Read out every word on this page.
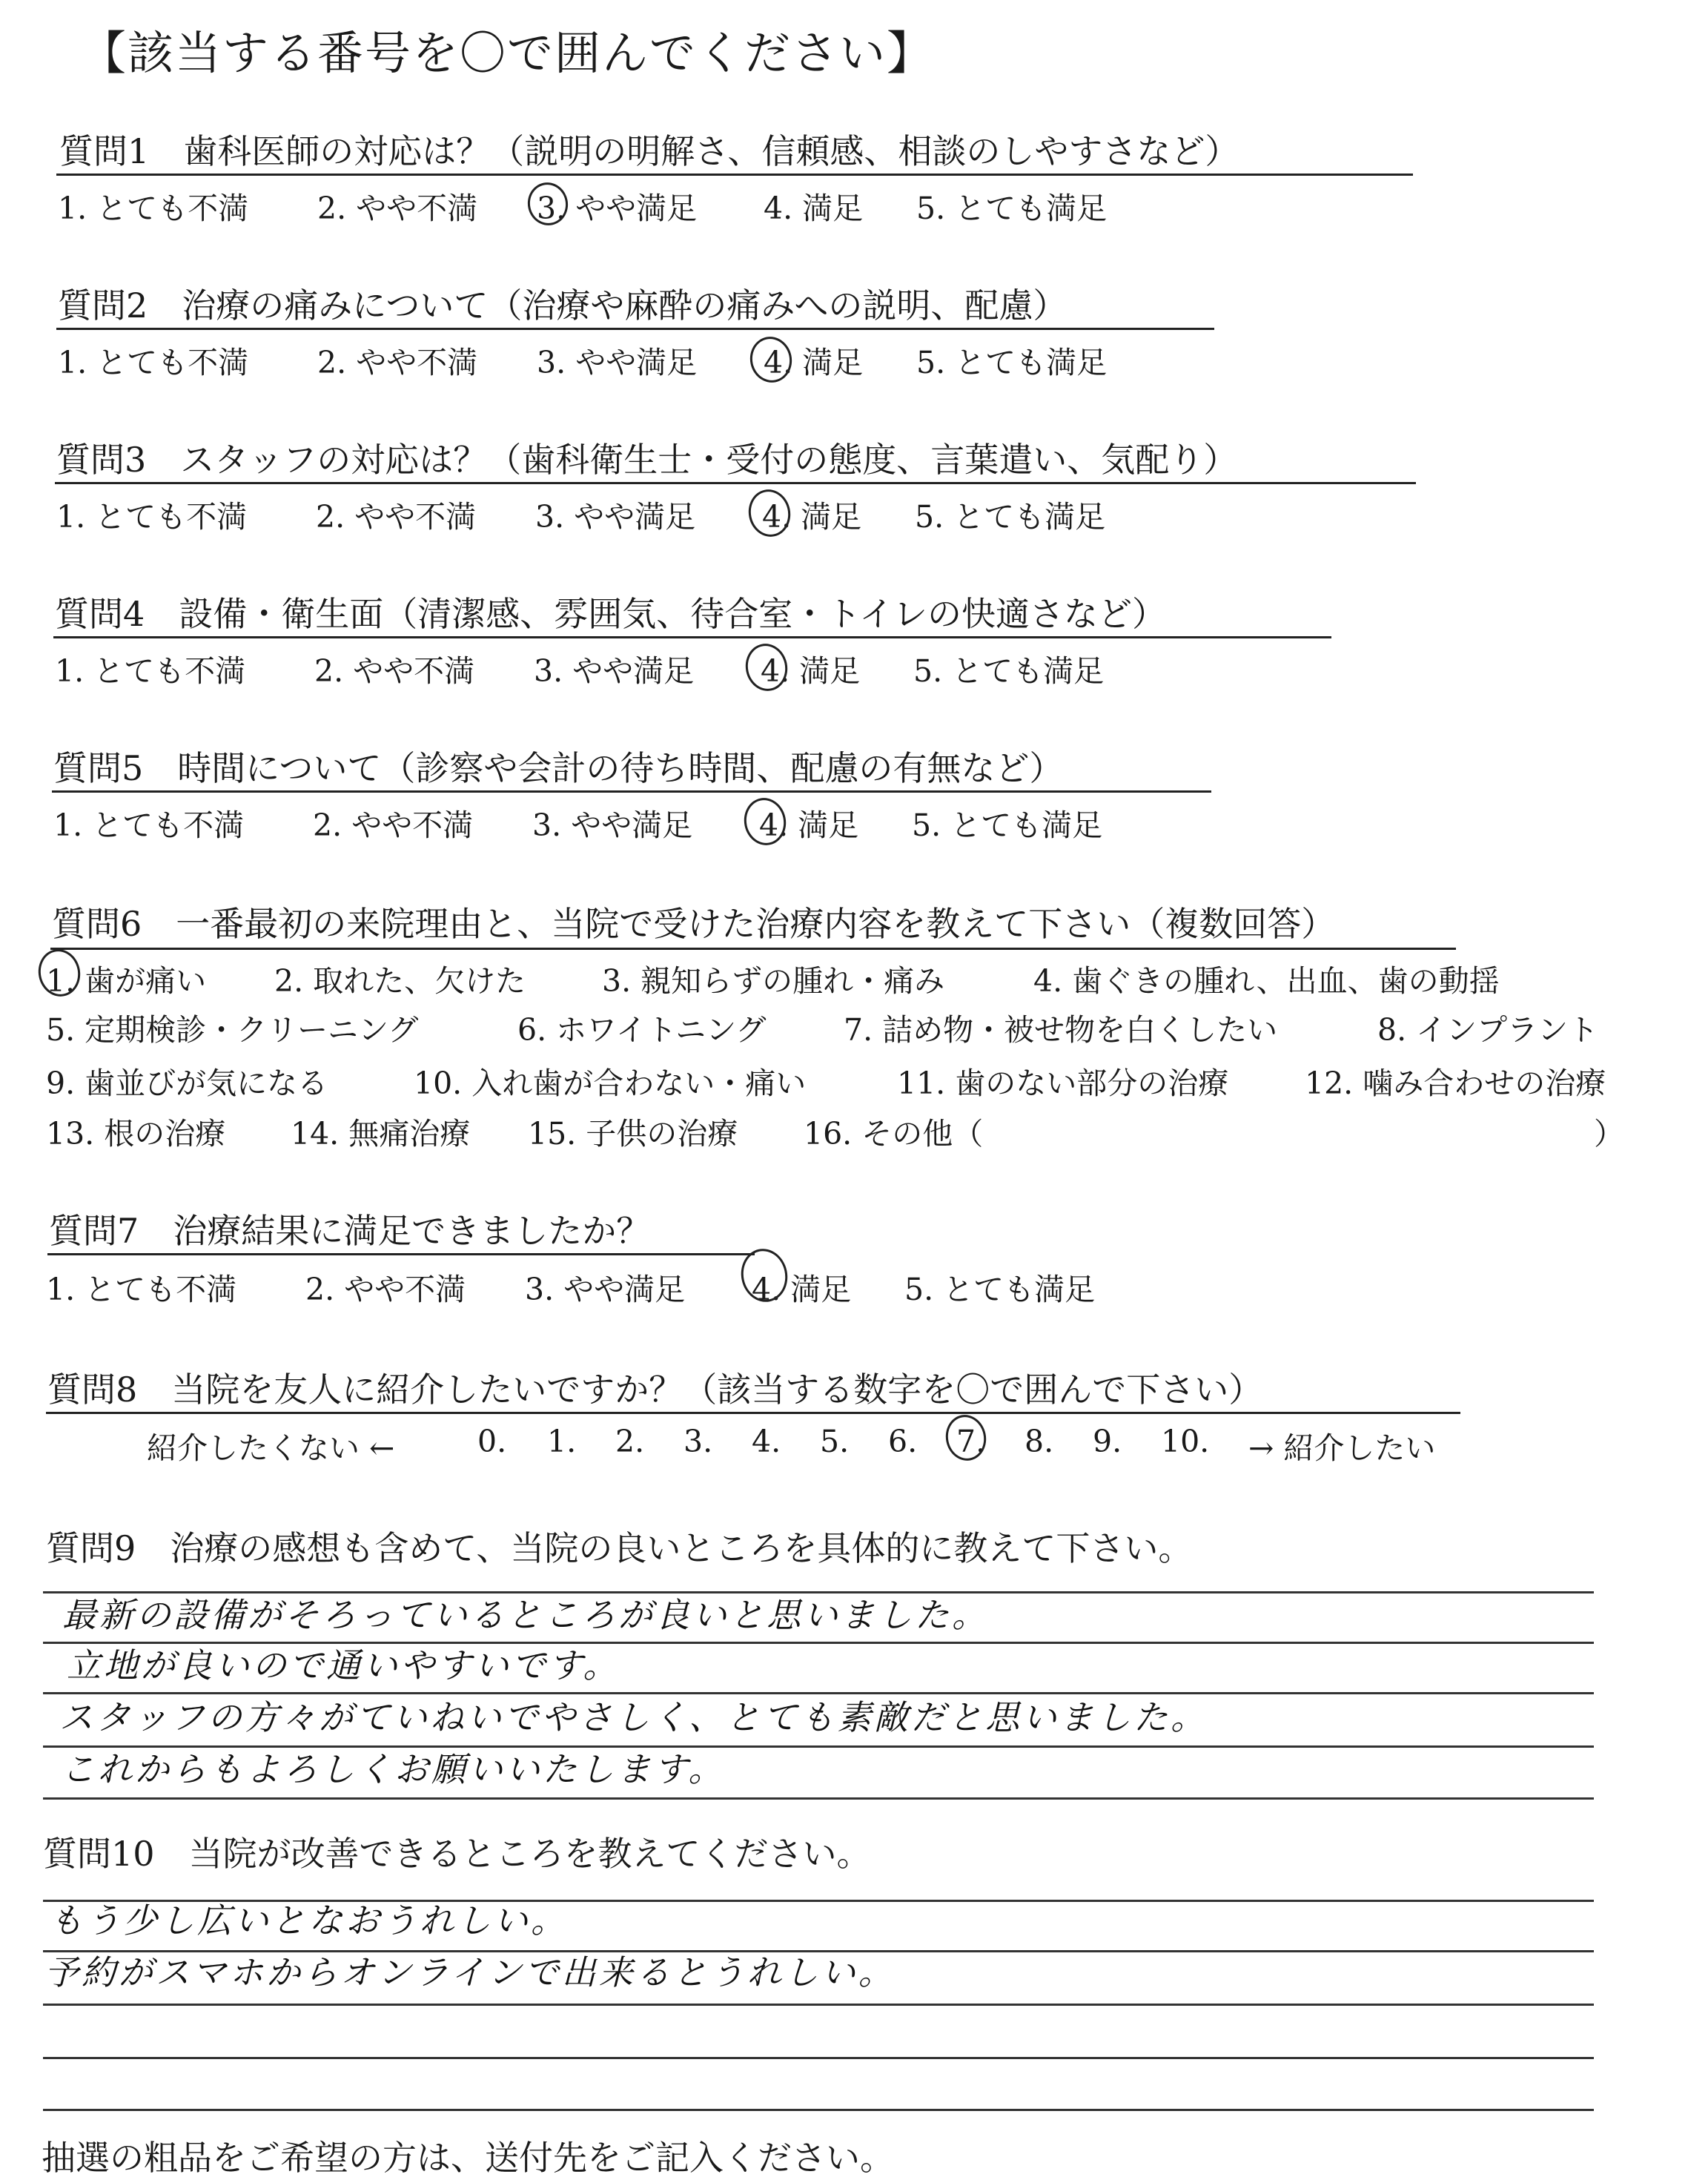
【該当する番号を〇で囲んでください】
質問1　歯科医師の対応は？（説明の明解さ、信頼感、相談のしやすさなど）
1. とても不満 2. やや不満 3. やや満足 4. 満足 5. とても満足
質問2　治療の痛みについて（治療や麻酔の痛みへの説明、配慮）
1. とても不満 2. やや不満 3. やや満足 4. 満足 5. とても満足
質問3　スタッフの対応は？（歯科衛生士・受付の態度、言葉遣い、気配り）
1. とても不満 2. やや不満 3. やや満足 4. 満足 5. とても満足
質問4　設備・衛生面（清潔感、雰囲気、待合室・トイレの快適さなど）
1. とても不満 2. やや不満 3. やや満足 4. 満足 5. とても満足
質問5　時間について（診察や会計の待ち時間、配慮の有無など）
1. とても不満 2. やや不満 3. やや満足 4. 満足 5. とても満足
質問6　一番最初の来院理由と、当院で受けた治療内容を教えて下さい（複数回答）
1. 歯が痛い 2. 取れた、欠けた	3. 親知らずの腫れ・痛み	4. 歯ぐきの腫れ、出血、歯の動揺
5. 定期検診・クリーニング	6. ホワイトニング	7. 詰め物・被せ物を白くしたい	8. インプラント
9. 歯並びが気になる	10. 入れ歯が合わない・痛い	11. 歯のない部分の治療	12. 噛み合わせの治療
13. 根の治療 14. 無痛治療 15. 子供の治療 16. その他（	）
質問7　治療結果に満足できましたか？
1. とても不満 2. やや不満 3. やや満足 4. 満足 5. とても満足
質問8　当院を友人に紹介したいですか？（該当する数字を〇で囲んで下さい）
紹介したくない ←	0. 1. 2. 3. 4. 5. 6. 7. 8. 9. 10. → 紹介したい
質問9　治療の感想も含めて、当院の良いところを具体的に教えて下さい。
最新の設備がそろっているところが良いと思いました。
立地が良いので通いやすいです。
スタッフの方々がていねいでやさしく、とても素敵だと思いました。
これからもよろしくお願いいたします。
質問10　当院が改善できるところを教えてください。
もう少し広いとなおうれしい。
予約がスマホからオンラインで出来るとうれしい。
抽選の粗品をご希望の方は、送付先をご記入ください。
